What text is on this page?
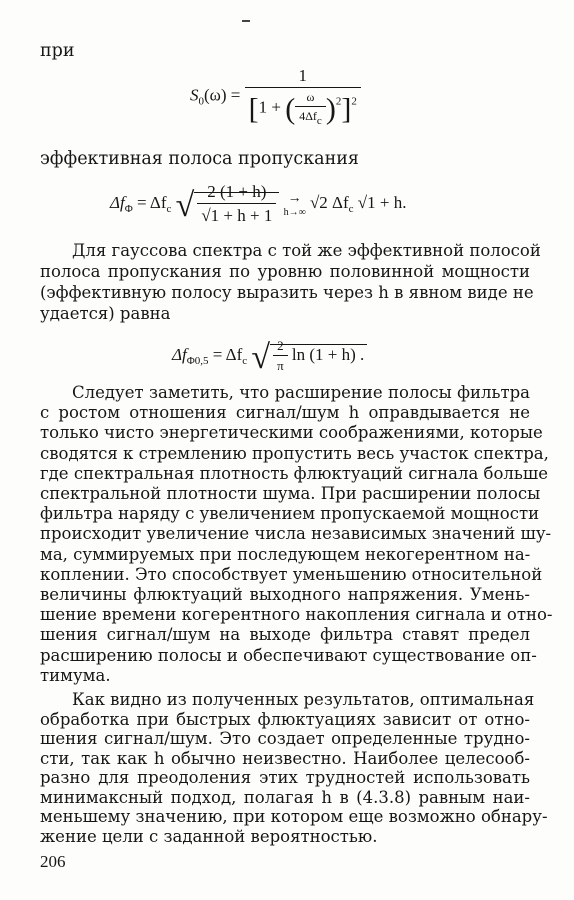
при
$S_0(\omega) = \frac{1}{[1 + ( \frac{\omega}{\text{4Δfc}} )^2]^2}$
эффективная полоса пропускания
$\Delta f_\Phi = \Delta f_c$ √ $\frac{2 (1 + h)}{√1 + h + 1}$ →
h→∞
√2 $\Delta f_c$ √1 + h.
Для гауссова спектра с той же эффективной полосой
полоса пропускания по уровню половинной мощности
(эффективную полосу выразить через h в явном виде не
удается) равна
$\Delta f_{\Phi 0,5} = \Delta f_c$ √ $\frac{2}{\pi}$ ln (1 + h) .
Следует заметить, что расширение полосы фильтра
с ростом отношения сигнал/шум h оправдывается не
только чисто энергетическими соображениями, которые
сводятся к стремлению пропустить весь участок спектра,
где спектральная плотность флюктуаций сигнала больше
спектральной плотности шума. При расширении полосы
фильтра наряду с увеличением пропускаемой мощности
происходит увеличение числа независимых значений шу-
ма, суммируемых при последующем некогерентном на-
коплении. Это способствует уменьшению относительной
величины флюктуаций выходного напряжения. Умень-
шение времени когерентного накопления сигнала и отно-
шения сигнал/шум на выходе фильтра ставят предел
расширению полосы и обеспечивают существование оп-
тимума.
Как видно из полученных результатов, оптимальная
обработка при быстрых флюктуациях зависит от отно-
шения сигнал/шум. Это создает определенные трудно-
сти, так как h обычно неизвестно. Наиболее целесооб-
разно для преодоления этих трудностей использовать
минимаксный подход, полагая h в (4.3.8) равным наи-
меньшему значению, при котором еще возможно обнару-
жение цели с заданной вероятностью.
206
